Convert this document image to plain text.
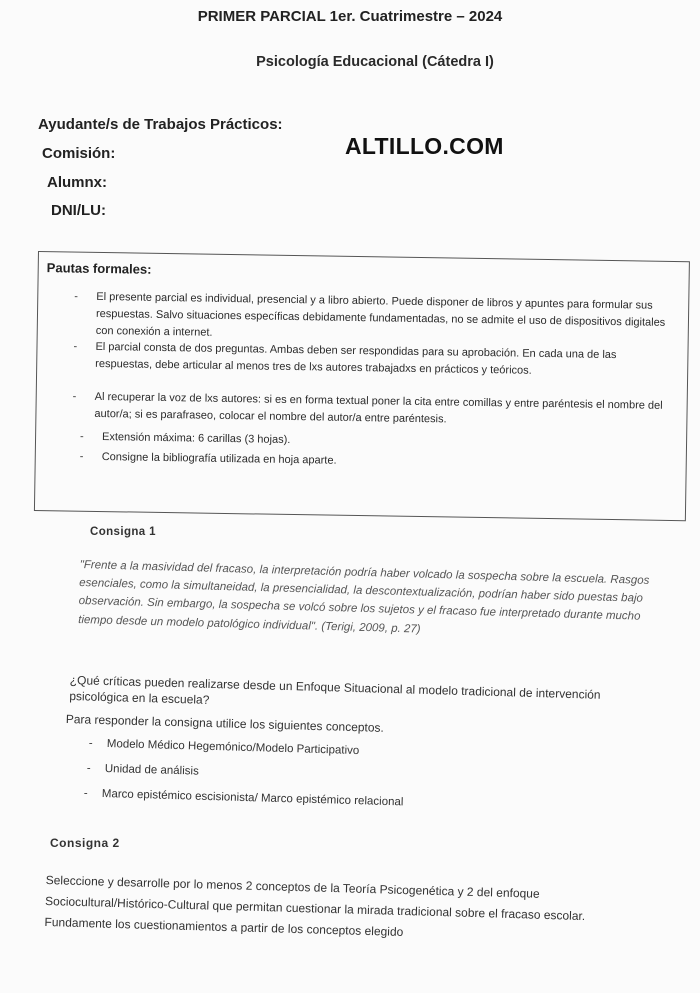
PRIMER PARCIAL 1er. Cuatrimestre – 2024
Psicología Educacional (Cátedra I)
Ayudante/s de Trabajos Prácticos:
Comisión:
Alumnx:
DNI/LU:
ALTILLO.COM
Pautas formales:
- El presente parcial es individual, presencial y a libro abierto. Puede disponer de libros y apuntes para formular sus respuestas. Salvo situaciones específicas debidamente fundamentadas, no se admite el uso de dispositivos digitales con conexión a internet.
- El parcial consta de dos preguntas. Ambas deben ser respondidas para su aprobación. En cada una de las respuestas, debe articular al menos tres de lxs autores trabajadxs en prácticos y teóricos.
- Al recuperar la voz de lxs autores: si es en forma textual poner la cita entre comillas y entre paréntesis el nombre del autor/a; si es parafraseo, colocar el nombre del autor/a entre paréntesis.
- Extensión máxima: 6 carillas (3 hojas).
- Consigne la bibliografía utilizada en hoja aparte.
Consigna 1
"Frente a la masividad del fracaso, la interpretación podría haber volcado la sospecha sobre la escuela. Rasgos esenciales, como la simultaneidad, la presencialidad, la descontextualización, podrían haber sido puestas bajo observación. Sin embargo, la sospecha se volcó sobre los sujetos y el fracaso fue interpretado durante mucho tiempo desde un modelo patológico individual". (Terigi, 2009, p. 27)
¿Qué críticas pueden realizarse desde un Enfoque Situacional al modelo tradicional de intervención psicológica en la escuela?
Para responder la consigna utilice los siguientes conceptos.
- Modelo Médico Hegemónico/Modelo Participativo
- Unidad de análisis
- Marco epistémico escisionista/ Marco epistémico relacional
Consigna 2
Seleccione y desarrolle por lo menos 2 conceptos de la Teoría Psicogenética y 2 del enfoque Sociocultural/Histórico-Cultural que permitan cuestionar la mirada tradicional sobre el fracaso escolar. Fundamente los cuestionamientos a partir de los conceptos elegido
